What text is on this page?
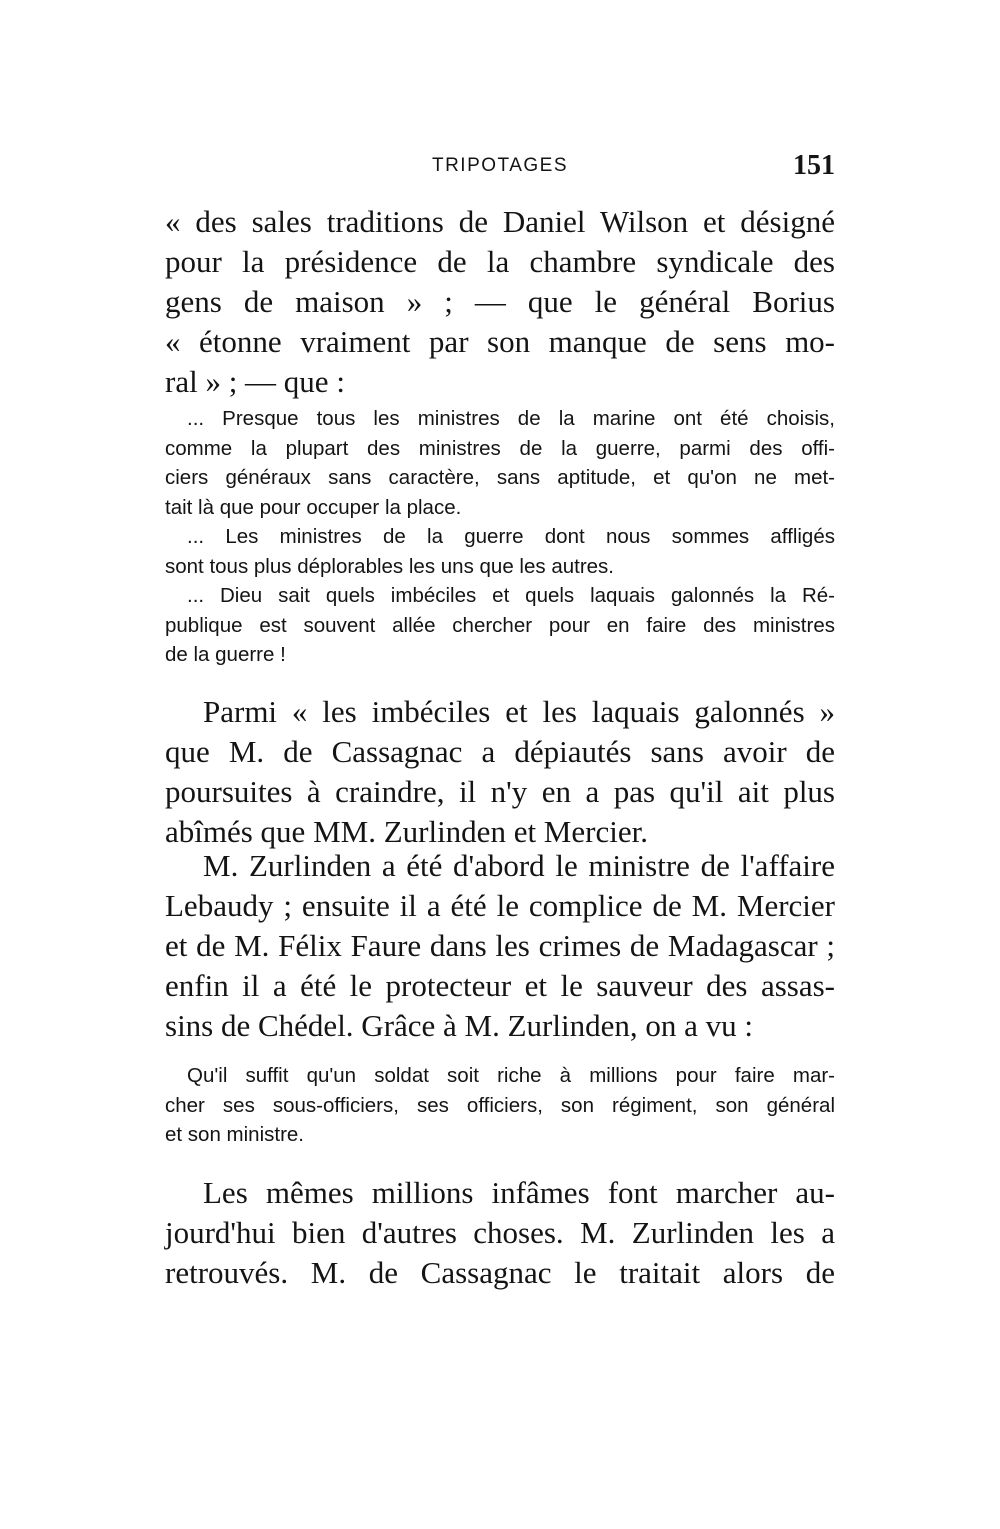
TRIPOTAGES	151
« des sales traditions de Daniel Wilson et désigné
pour la présidence de la chambre syndicale des
gens de maison » ; — que le général Borius
« étonne vraiment par son manque de sens mo-
ral » ; — que :
... Presque tous les ministres de la marine ont été choisis,
comme la plupart des ministres de la guerre, parmi des offi-
ciers généraux sans caractère, sans aptitude, et qu'on ne met-
tait là que pour occuper la place.
... Les ministres de la guerre dont nous sommes affligés
sont tous plus déplorables les uns que les autres.
... Dieu sait quels imbéciles et quels laquais galonnés la Ré-
publique est souvent allée chercher pour en faire des ministres
de la guerre !
Parmi « les imbéciles et les laquais galonnés »
que M. de Cassagnac a dépiautés sans avoir de
poursuites à craindre, il n'y en a pas qu'il ait plus
abîmés que MM. Zurlinden et Mercier.
M. Zurlinden a été d'abord le ministre de l'affaire
Lebaudy ; ensuite il a été le complice de M. Mercier
et de M. Félix Faure dans les crimes de Madagascar ;
enfin il a été le protecteur et le sauveur des assas-
sins de Chédel. Grâce à M. Zurlinden, on a vu :
Qu'il suffit qu'un soldat soit riche à millions pour faire mar-
cher ses sous-officiers, ses officiers, son régiment, son général
et son ministre.
Les mêmes millions infâmes font marcher au-
jourd'hui bien d'autres choses. M. Zurlinden les a
retrouvés. M. de Cassagnac le traitait alors de
